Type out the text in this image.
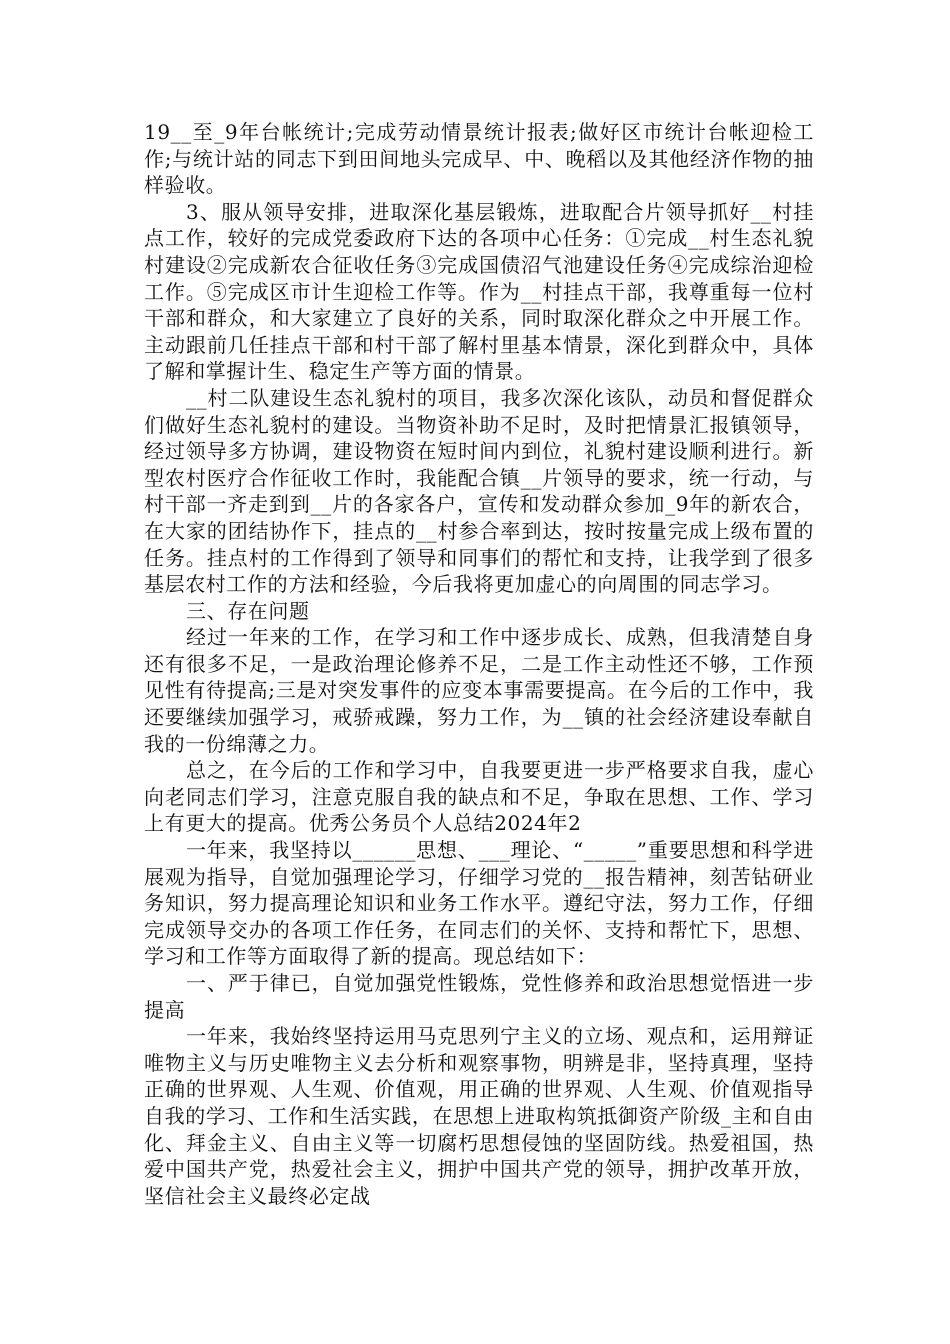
19__至_9年台帐统计;完成劳动情景统计报表;做好区市统计台帐迎检工作;与统计站的同志下到田间地头完成早、中、晚稻以及其他经济作物的抽样验收。

3、服从领导安排，进取深化基层锻炼，进取配合片领导抓好__村挂点工作，较好的完成党委政府下达的各项中心任务：①完成__村生态礼貌村建设②完成新农合征收任务③完成国债沼气池建设任务④完成综治迎检工作。⑤完成区市计生迎检工作等。作为__村挂点干部，我尊重每一位村干部和群众，和大家建立了良好的关系，同时取深化群众之中开展工作。主动跟前几任挂点干部和村干部了解村里基本情景，深化到群众中，具体了解和掌握计生、稳定生产等方面的情景。

__村二队建设生态礼貌村的项目，我多次深化该队，动员和督促群众们做好生态礼貌村的建设。当物资补助不足时，及时把情景汇报镇领导，经过领导多方协调，建设物资在短时间内到位，礼貌村建设顺利进行。新型农村医疗合作征收工作时，我能配合镇__片领导的要求，统一行动，与村干部一齐走到到__片的各家各户，宣传和发动群众参加_9年的新农合，在大家的团结协作下，挂点的__村参合率到达，按时按量完成上级布置的任务。挂点村的工作得到了领导和同事们的帮忙和支持，让我学到了很多基层农村工作的方法和经验，今后我将更加虚心的向周围的同志学习。

三、存在问题

经过一年来的工作，在学习和工作中逐步成长、成熟，但我清楚自身还有很多不足，一是政治理论修养不足，二是工作主动性还不够，工作预见性有待提高;三是对突发事件的应变本事需要提高。在今后的工作中，我还要继续加强学习，戒骄戒躁，努力工作，为__镇的社会经济建设奉献自我的一份绵薄之力。

总之，在今后的工作和学习中，自我要更进一步严格要求自我，虚心向老同志们学习，注意克服自我的缺点和不足，争取在思想、工作、学习上有更大的提高。优秀公务员个人总结2024年2

一年来，我坚持以______思想、___理论、“_____”重要思想和科学进展观为指导，自觉加强理论学习，仔细学习党的__报告精神，刻苦钻研业务知识，努力提高理论知识和业务工作水平。遵纪守法，努力工作，仔细完成领导交办的各项工作任务，在同志们的关怀、支持和帮忙下，思想、学习和工作等方面取得了新的提高。现总结如下：

一、严于律已，自觉加强党性锻炼，党性修养和政治思想觉悟进一步提高

一年来，我始终坚持运用马克思列宁主义的立场、观点和，运用辩证唯物主义与历史唯物主义去分析和观察事物，明辨是非，坚持真理，坚持正确的世界观、人生观、价值观，用正确的世界观、人生观、价值观指导自我的学习、工作和生活实践，在思想上进取构筑抵御资产阶级_主和自由化、拜金主义、自由主义等一切腐朽思想侵蚀的坚固防线。热爱祖国，热爱中国共产党，热爱社会主义，拥护中国共产党的领导，拥护改革开放，坚信社会主义最终必定战
